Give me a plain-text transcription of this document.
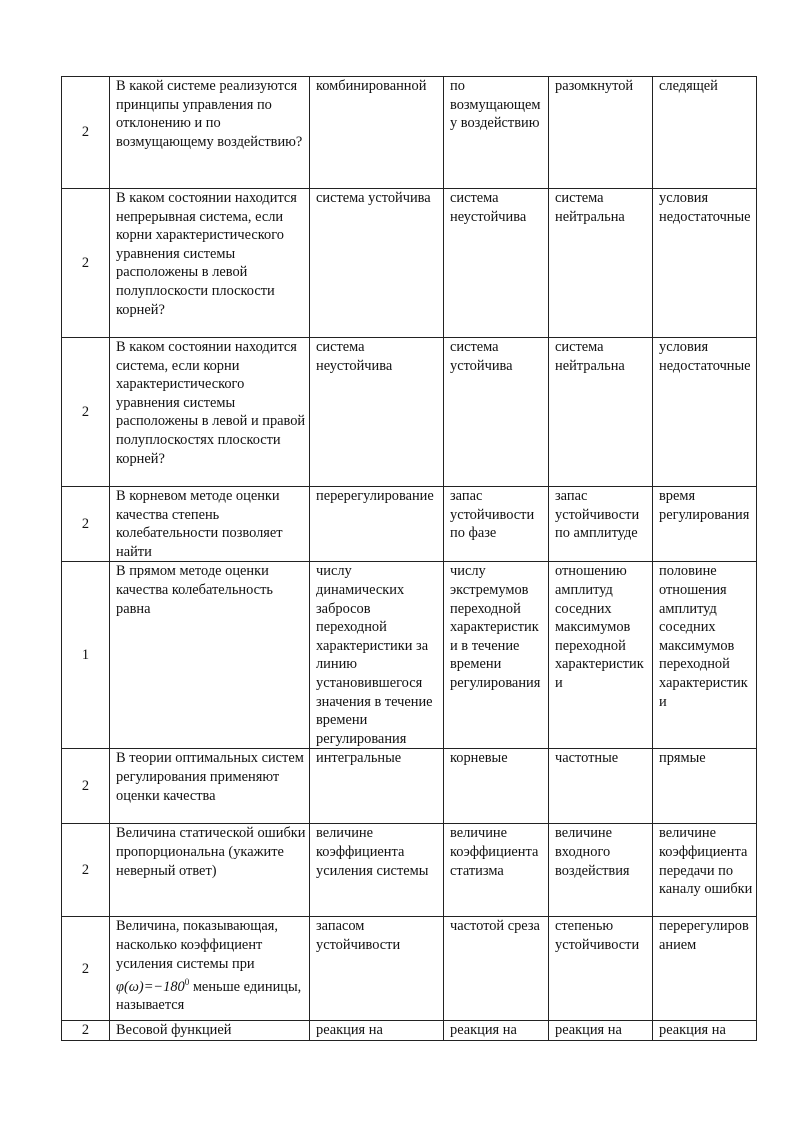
2	В какой системе реализуются принципы управления по отклонению и по возмущающему воздействию?	комбинированной	по возмущающему воздействию	разомкнутой	следящей
2	В каком состоянии находится непрерывная система, если корни характеристического уравнения системы расположены в левой полуплоскости плоскости корней?	система устойчива	система неустойчива	система нейтральна	условия недостаточные
2	В каком состоянии находится система, если корни характеристического уравнения системы расположены в левой и правой полуплоскостях плоскости корней?	система неустойчива	система устойчива	система нейтральна	условия недостаточные
2	В корневом методе оценки качества степень колебательности позволяет найти	перерегулирование	запас устойчивости по фазе	запас устойчивости по амплитуде	время регулирования
1	В прямом методе оценки качества колебательность равна	числу динамических забросов переходной характеристики за линию установившегося значения в течение времени регулирования	числу экстремумов переходной характеристики в течение времени регулирования	отношению амплитуд соседних максимумов переходной характеристики	половине отношения амплитуд соседних максимумов переходной характеристики
2	В теории оптимальных систем регулирования применяют оценки качества	интегральные	корневые	частотные	прямые
2	Величина статической ошибки пропорциональна (укажите неверный ответ)	величине коэффициента усиления системы	величине коэффициента статизма	величине входного воздействия	величине коэффициента передачи по каналу ошибки
2	Величина, показывающая, насколько коэффициент усиления системы при $\varphi(\omega)=-180^0$ меньше единицы, называется	запасом устойчивости	частотой среза	степенью устойчивости	перерегулированием
2	Весовой функцией	реакция на	реакция на	реакция на	реакция на
